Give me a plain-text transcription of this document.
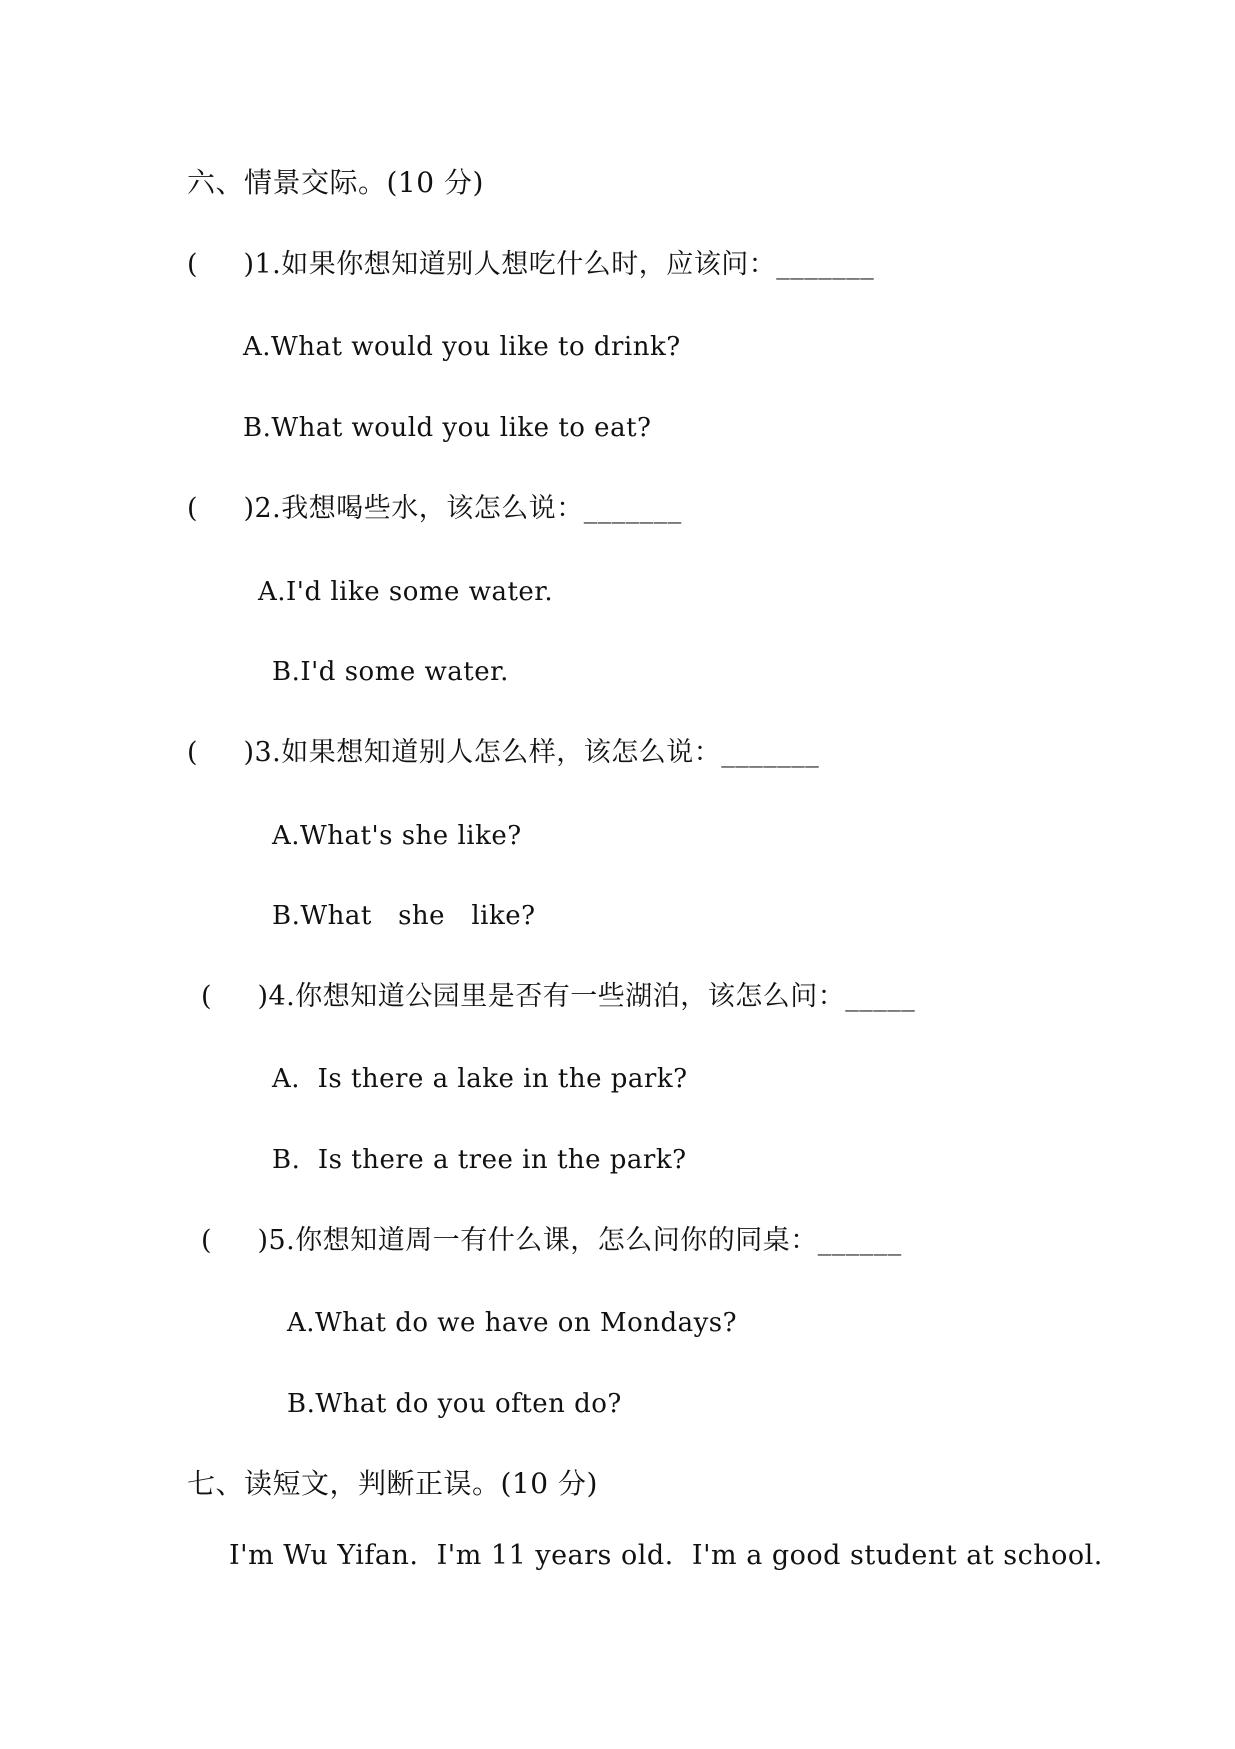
六、情景交际。(10 分)
(     )1.如果你想知道别人想吃什么时，应该问：_______
A.What would you like to drink?
B.What would you like to eat?
(     )2.我想喝些水，该怎么说：_______
A.I'd like some water.
B.I'd some water.
(     )3.如果想知道别人怎么样，该怎么说：_______
A.What's she like?
B.What   she   like?
(     )4.你想知道公园里是否有一些湖泊，该怎么问：_____
A.  Is there a lake in the park?
B.  Is there a tree in the park?
(     )5.你想知道周一有什么课，怎么问你的同桌：______
A.What do we have on Mondays?
B.What do you often do?
七、读短文，判断正误。(10 分)
I'm Wu Yifan.  I'm 11 years old.  I'm a good student at school.
